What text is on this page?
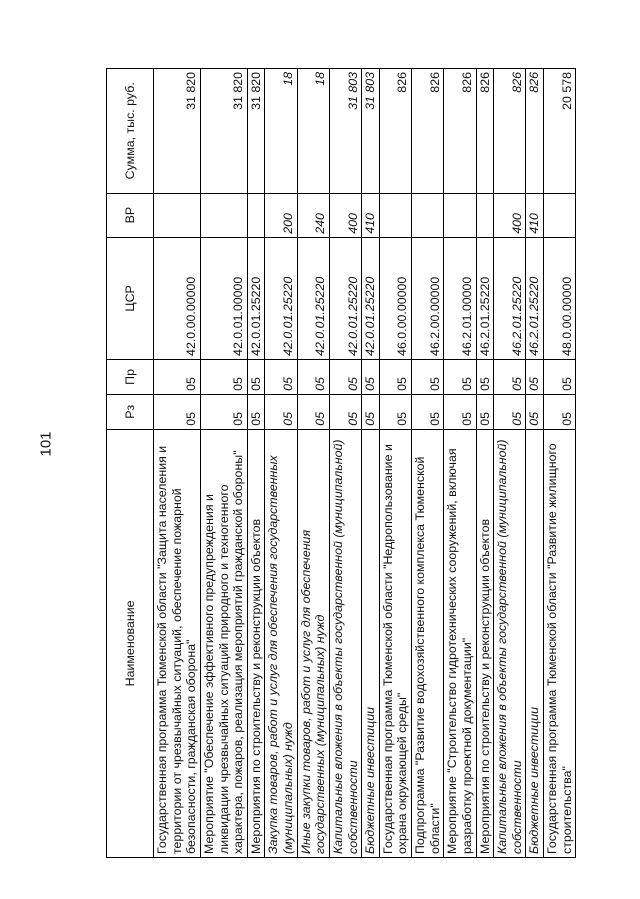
101
Наименование	Рз	Пр	ЦСР	ВР	Сумма, тыс. руб.
Государственная программа Тюменской области "Защита населения и территории от чрезвычайных ситуаций, обеспечение пожарной безопасности, гражданская оборона"	05	05	42.0.00.00000		31 820
Мероприятие "Обеспечение эффективного предупреждения и ликвидации чрезвычайных ситуаций природного и техногенного характера, пожаров, реализация мероприятий гражданской обороны"	05	05	42.0.01.00000		31 820
Мероприятия по строительству и реконструкции объектов	05	05	42.0.01.25220		31 820
Закупка товаров, работ и услуг для обеспечения государственных (муниципальных) нужд	05	05	42.0.01.25220	200	18
Иные закупки товаров, работ и услуг для обеспечения государственных (муниципальных) нужд	05	05	42.0.01.25220	240	18
Капитальные вложения в объекты государственной (муниципальной) собственности	05	05	42.0.01.25220	400	31 803
Бюджетные инвестиции	05	05	42.0.01.25220	410	31 803
Государственная программа Тюменской области "Недропользование и охрана окружающей среды"	05	05	46.0.00.00000		826
Подпрограмма "Развитие водохозяйственного комплекса Тюменской области"	05	05	46.2.00.00000		826
Мероприятие "Строительство гидротехнических сооружений, включая разработку проектной документации"	05	05	46.2.01.00000		826
Мероприятия по строительству и реконструкции объектов	05	05	46.2.01.25220		826
Капитальные вложения в объекты государственной (муниципальной) собственности	05	05	46.2.01.25220	400	826
Бюджетные инвестиции	05	05	46.2.01.25220	410	826
Государственная программа Тюменской области "Развитие жилищного строительства"	05	05	48.0.00.00000		20 578
